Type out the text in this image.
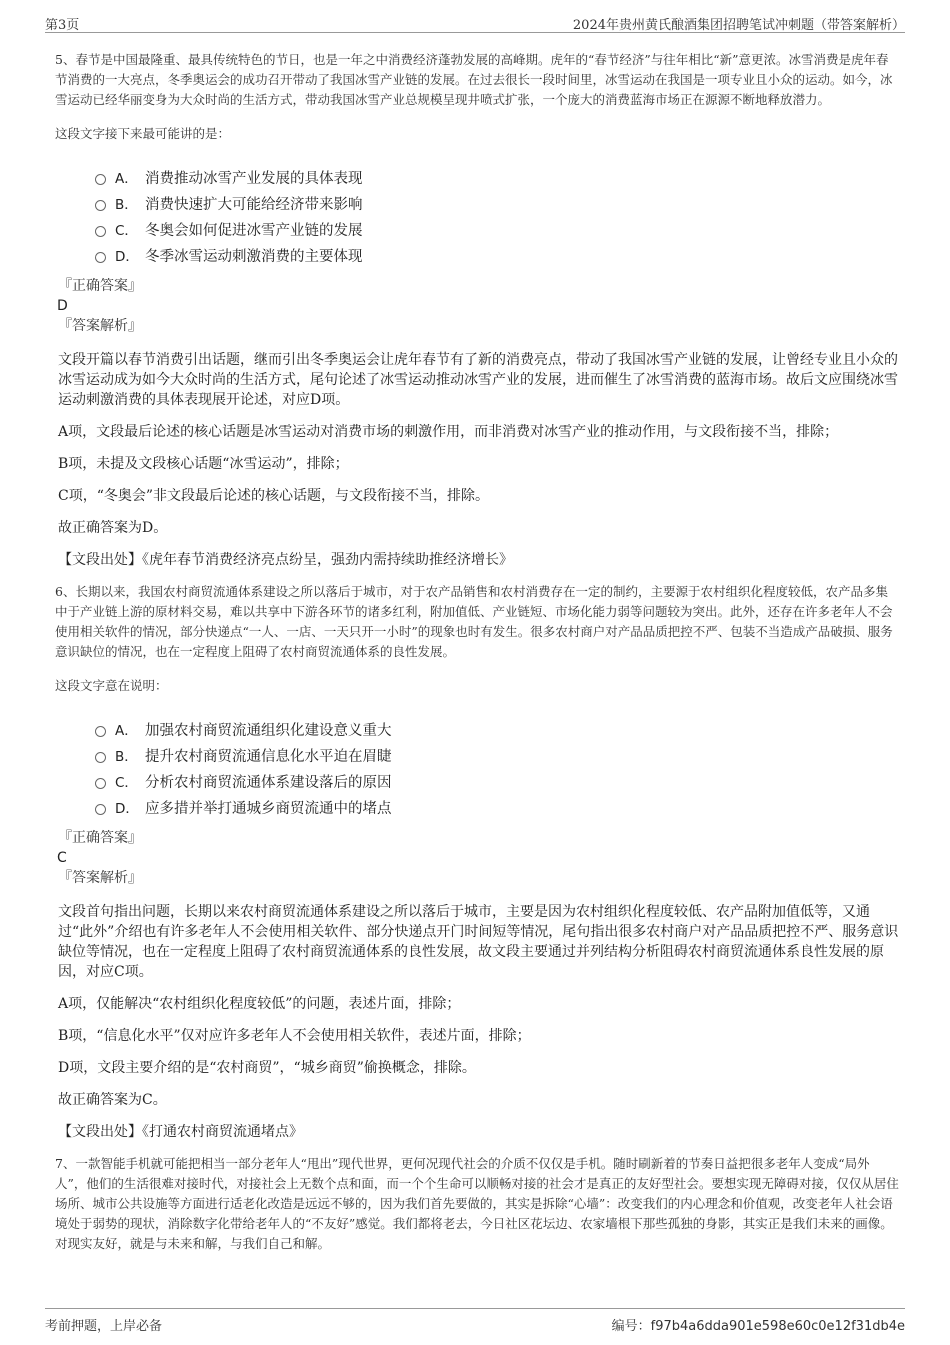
第3页	2024年贵州黄氏酿酒集团招聘笔试冲刺题（带答案解析）

5、春节是中国最隆重、最具传统特色的节日，也是一年之中消费经济蓬勃发展的高峰期。虎年的“春节经济”与往年相比“新”意更浓。冰雪消费是虎年春节消费的一大亮点，冬季奥运会的成功召开带动了我国冰雪产业链的发展。在过去很长一段时间里，冰雪运动在我国是一项专业且小众的运动。如今，冰雪运动已经华丽变身为大众时尚的生活方式，带动我国冰雪产业总规模呈现井喷式扩张，一个庞大的消费蓝海市场正在源源不断地释放潜力。

这段文字接下来最可能讲的是：

A． 消费推动冰雪产业发展的具体表现
B． 消费快速扩大可能给经济带来影响
C． 冬奥会如何促进冰雪产业链的发展
D． 冬季冰雪运动刺激消费的主要体现
『正确答案』
D
『答案解析』

文段开篇以春节消费引出话题，继而引出冬季奥运会让虎年春节有了新的消费亮点，带动了我国冰雪产业链的发展，让曾经专业且小众的冰雪运动成为如今大众时尚的生活方式，尾句论述了冰雪运动推动冰雪产业的发展，进而催生了冰雪消费的蓝海市场。故后文应围绕冰雪运动刺激消费的具体表现展开论述，对应D项。

A项，文段最后论述的核心话题是冰雪运动对消费市场的刺激作用，而非消费对冰雪产业的推动作用，与文段衔接不当，排除；

B项，未提及文段核心话题“冰雪运动”，排除；

C项，“冬奥会”非文段最后论述的核心话题，与文段衔接不当，排除。

故正确答案为D。

【文段出处】《虎年春节消费经济亮点纷呈，强劲内需持续助推经济增长》

6、长期以来，我国农村商贸流通体系建设之所以落后于城市，对于农产品销售和农村消费存在一定的制约，主要源于农村组织化程度较低，农产品多集中于产业链上游的原材料交易，难以共享中下游各环节的诸多红利，附加值低、产业链短、市场化能力弱等问题较为突出。此外，还存在许多老年人不会使用相关软件的情况，部分快递点“一人、一店、一天只开一小时”的现象也时有发生。很多农村商户对产品品质把控不严、包装不当造成产品破损、服务意识缺位的情况，也在一定程度上阻碍了农村商贸流通体系的良性发展。

这段文字意在说明：

A． 加强农村商贸流通组织化建设意义重大
B． 提升农村商贸流通信息化水平迫在眉睫
C． 分析农村商贸流通体系建设落后的原因
D． 应多措并举打通城乡商贸流通中的堵点
『正确答案』
C
『答案解析』

文段首句指出问题，长期以来农村商贸流通体系建设之所以落后于城市，主要是因为农村组织化程度较低、农产品附加值低等，又通过“此外”介绍也有许多老年人不会使用相关软件、部分快递点开门时间短等情况，尾句指出很多农村商户对产品品质把控不严、服务意识缺位等情况，也在一定程度上阻碍了农村商贸流通体系的良性发展，故文段主要通过并列结构分析阻碍农村商贸流通体系良性发展的原因，对应C项。

A项，仅能解决“农村组织化程度较低”的问题，表述片面，排除；

B项，“信息化水平”仅对应许多老年人不会使用相关软件，表述片面，排除；

D项，文段主要介绍的是“农村商贸”，“城乡商贸”偷换概念，排除。

故正确答案为C。

【文段出处】《打通农村商贸流通堵点》

7、一款智能手机就可能把相当一部分老年人“甩出”现代世界，更何况现代社会的介质不仅仅是手机。随时刷新着的节奏日益把很多老年人变成“局外人”，他们的生活很难对接时代，对接社会上无数个点和面，而一个个生命可以顺畅对接的社会才是真正的友好型社会。要想实现无障碍对接，仅仅从居住场所、城市公共设施等方面进行适老化改造是远远不够的，因为我们首先要做的，其实是拆除“心墙”：改变我们的内心理念和价值观，改变老年人社会语境处于弱势的现状，消除数字化带给老年人的“不友好”感觉。我们都将老去，今日社区花坛边、农家墙根下那些孤独的身影，其实正是我们未来的画像。对现实友好，就是与未来和解，与我们自己和解。

考前押题，上岸必备	编号：f97b4a6dda901e598e60c0e12f31db4e
